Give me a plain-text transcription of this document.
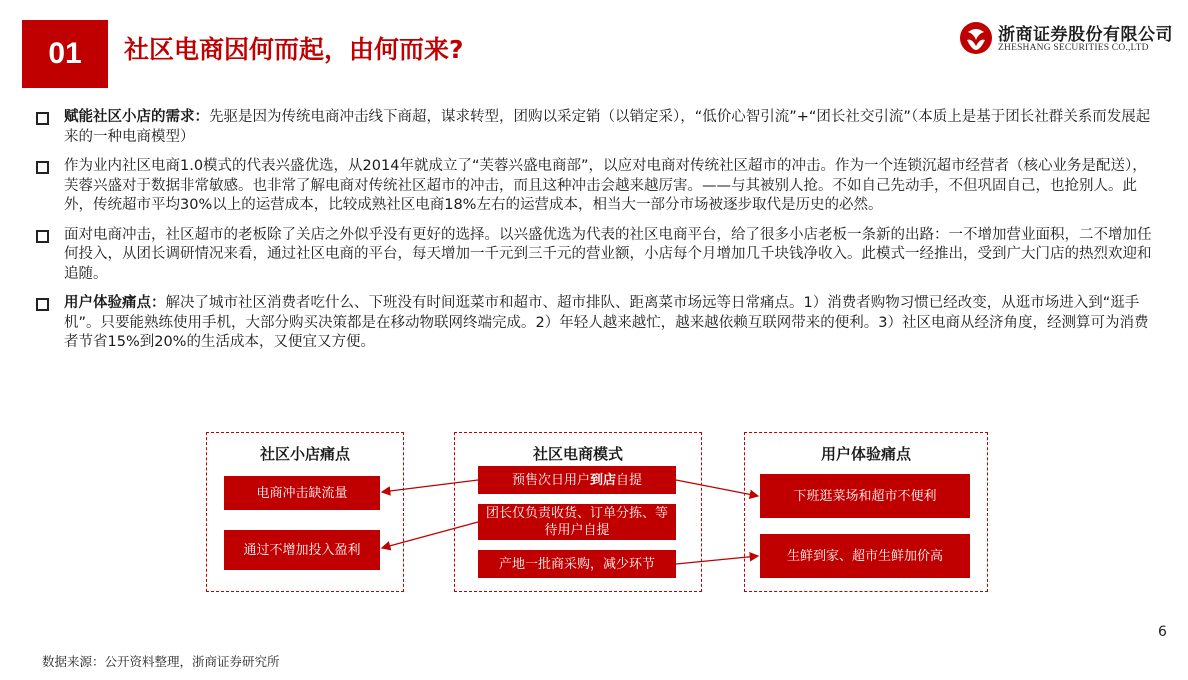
01	社区电商因何而起，由何而来?	浙商证券股份有限公司
ZHESHANG SECURITIES CO.,LTD
赋能社区小店的需求：先驱是因为传统电商冲击线下商超，谋求转型，团购以采定销（以销定采），“低价心智引流”+“团长社交引流”（本质上是基于团长社群关系而发展起来的一种电商模型）
作为业内社区电商1.0模式的代表兴盛优选，从2014年就成立了“芙蓉兴盛电商部”，以应对电商对传统社区超市的冲击。作为一个连锁沉超市经营者（核心业务是配送），芙蓉兴盛对于数据非常敏感。也非常了解电商对传统社区超市的冲击，而且这种冲击会越来越厉害。——与其被别人抢。不如自己先动手，不但巩固自己，也抢别人。此外，传统超市平均30%以上的运营成本，比较成熟社区电商18%左右的运营成本，相当大一部分市场被逐步取代是历史的必然。
面对电商冲击，社区超市的老板除了关店之外似乎没有更好的选择。以兴盛优选为代表的社区电商平台，给了很多小店老板一条新的出路：一不增加营业面积，二不增加任何投入，从团长调研情况来看，通过社区电商的平台，每天增加一千元到三千元的营业额，小店每个月增加几千块钱净收入。此模式一经推出，受到广大门店的热烈欢迎和追随。
用户体验痛点：解决了城市社区消费者吃什么、下班没有时间逛菜市和超市、超市排队、距离菜市场远等日常痛点。1）消费者购物习惯已经改变，从逛市场进入到“逛手机”。只要能熟练使用手机，大部分购买决策都是在移动物联网终端完成。2）年轻人越来越忙，越来越依赖互联网带来的便利。3）社区电商从经济角度，经测算可为消费者节省15%到20%的生活成本，又便宜又方便。
社区小店痛点	社区电商模式	用户体验痛点
电商冲击缺流量
通过不增加投入盈利
预售次日用户 到店 自提
团长仅负责收货、订单分拣、等待用户自提
产地一批商采购，减少环节
下班逛菜场和超市不便利
生鲜到家、超市生鲜加价高
6
数据来源：公开资料整理，浙商证券研究所
